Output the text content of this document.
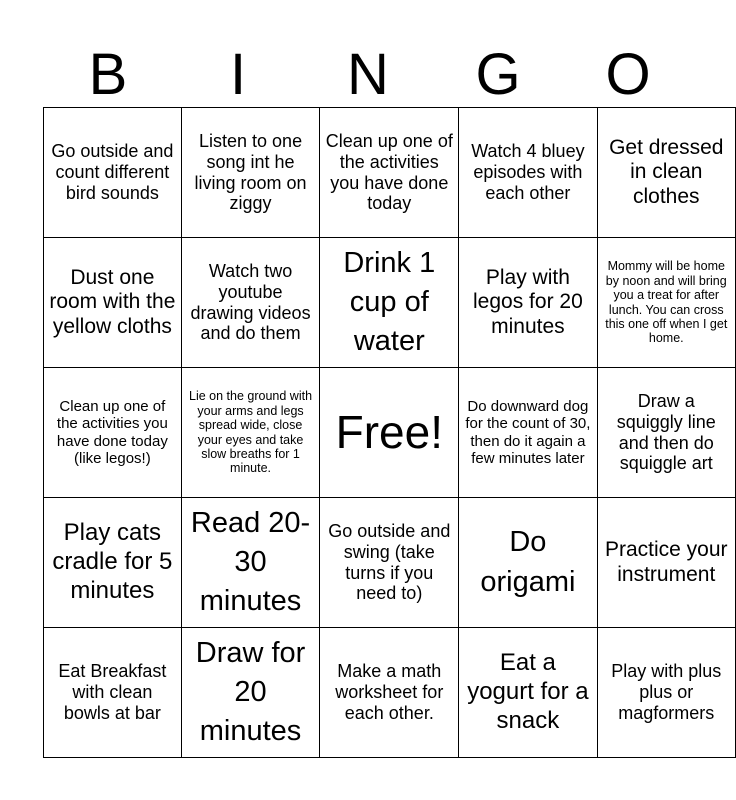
B	I	N	G	O
Go outside and count different bird sounds	Listen to one song int he living room on ziggy	Clean up one of the activities you have done today	Watch 4 bluey episodes with each other	Get dressed in clean clothes
Dust one room with the yellow cloths	Watch two youtube drawing videos and do them	Drink 1 cup of water	Play with legos for 20 minutes	Mommy will be home by noon and will bring you a treat for after lunch. You can cross this one off when I get home.
Clean up one of the activities you have done today (like legos!)	Lie on the ground with your arms and legs spread wide, close your eyes and take slow breaths for 1 minute.	Free!	Do downward dog for the count of 30, then do it again a few minutes later	Draw a squiggly line and then do squiggle art
Play cats cradle for 5 minutes	Read 20-30 minutes	Go outside and swing (take turns if you need to)	Do origami	Practice your instrument
Eat Breakfast with clean bowls at bar	Draw for 20 minutes	Make a math worksheet for each other.	Eat a yogurt for a snack	Play with plus plus or magformers
